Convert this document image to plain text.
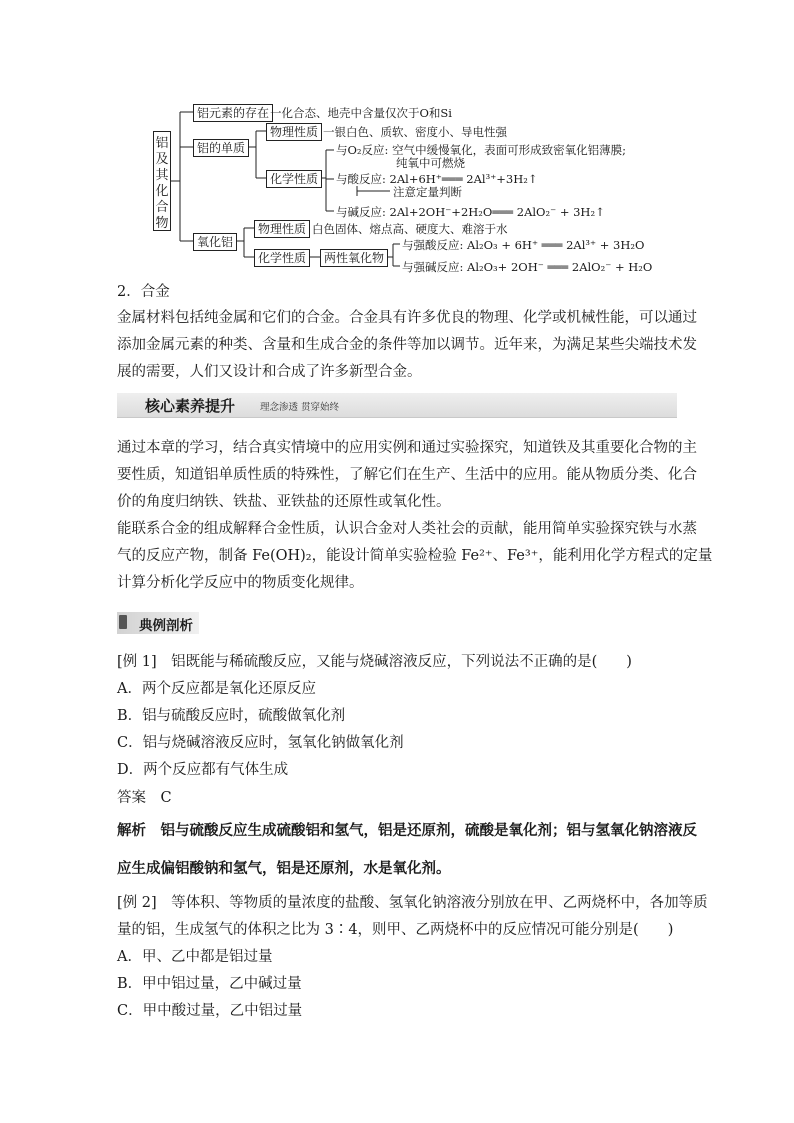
铝
及
其
化
合
物
铝元素的存在 一化合态、地壳中含量仅次于O和Si
铝的单质
物理性质 一银白色、质软、密度小、导电性强
化学性质
与O₂反应: 空气中缓慢氧化，表面可形成致密氧化铝薄膜;
纯氧中可燃烧
与酸反应: 2Al+6H⁺═══ 2Al³⁺+3H₂↑
注意定量判断
与碱反应: 2Al+2OH⁻+2H₂O═══ 2AlO₂⁻ + 3H₂↑
氧化铝
物理性质 白色固体、熔点高、硬度大、难溶于水
化学性质	两性氧化物
与强酸反应: Al₂O₃ + 6H⁺ ═══ 2Al³⁺ + 3H₂O
与强碱反应: Al₂O₃+ 2OH⁻ ═══ 2AlO₂⁻ + H₂O
2．合金
金属材料包括纯金属和它们的合金。合金具有许多优良的物理、化学或机械性能，可以通过
添加金属元素的种类、含量和生成合金的条件等加以调节。近年来，为满足某些尖端技术发
展的需要，人们又设计和合成了许多新型合金。
核心素养提升	理念渗透 贯穿始终
通过本章的学习，结合真实情境中的应用实例和通过实验探究，知道铁及其重要化合物的主
要性质，知道铝单质性质的特殊性，了解它们在生产、生活中的应用。能从物质分类、化合
价的角度归纳铁、铁盐、亚铁盐的还原性或氧化性。
能联系合金的组成解释合金性质，认识合金对人类社会的贡献，能用简单实验探究铁与水蒸
气的反应产物，制备 Fe(OH)₂，能设计简单实验检验 Fe²⁺、Fe³⁺，能利用化学方程式的定量
计算分析化学反应中的物质变化规律。
典例剖析
[例 1]　铝既能与稀硫酸反应，又能与烧碱溶液反应，下列说法不正确的是(　　)
A．两个反应都是氧化还原反应
B．铝与硫酸反应时，硫酸做氧化剂
C．铝与烧碱溶液反应时，氢氧化钠做氧化剂
D．两个反应都有气体生成
答案　C
解析　铝与硫酸反应生成硫酸铝和氢气，铝是还原剂，硫酸是氧化剂；铝与氢氧化钠溶液反
应生成偏铝酸钠和氢气，铝是还原剂，水是氧化剂。
[例 2]　等体积、等物质的量浓度的盐酸、氢氧化钠溶液分别放在甲、乙两烧杯中，各加等质
量的铝，生成氢气的体积之比为 3∶4，则甲、乙两烧杯中的反应情况可能分别是(　　)
A．甲、乙中都是铝过量
B．甲中铝过量，乙中碱过量
C．甲中酸过量，乙中铝过量
